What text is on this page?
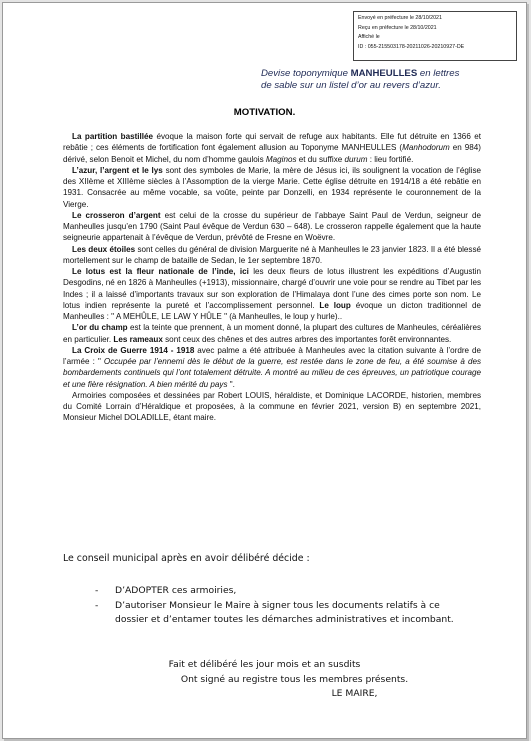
Envoyé en préfecture le 28/10/2021
Reçu en préfecture le 28/10/2021
Affiché le
ID : 055-215503178-20211026-20210927-DE
Devise toponymique MANHEULLES en lettres
de sable sur un listel d’or au revers d’azur.
MOTIVATION.

La partition bastillée évoque la maison forte qui servait de refuge aux habitants. Elle fut détruite en 1366 et rebâtie ; ces éléments de fortification font également allusion au Toponyme MANHEULLES (Manhodorum en 984) dérivé, selon Benoit et Michel, du nom d’homme gaulois Maginos et du suffixe durum : lieu fortifié.

L’azur, l’argent et le lys sont des symboles de Marie, la mère de Jésus ici, ils soulignent la vocation de l’église des XIIème et XIIIème siècles à l’Assomption de la vierge Marie. Cette église détruite en 1914/18 a été rebâtie en 1931. Consacrée au même vocable, sa voûte, peinte par Donzelli, en 1934 représente le couronnement de la Vierge.

Le crosseron d’argent est celui de la crosse du supérieur de l’abbaye Saint Paul de Verdun, seigneur de Manheulles jusqu’en 1790 (Saint Paul évêque de Verdun 630 – 648). Le crosseron rappelle également que la haute seigneurie appartenait à l’évêque de Verdun, prévôté de Fresne en Woëvre.

Les deux étoiles sont celles du général de division Marguerite né à Manheulles le 23 janvier 1823. Il a été blessé mortellement sur le champ de bataille de Sedan, le 1er septembre 1870.

Le lotus est la fleur nationale de l’inde, ici les deux fleurs de lotus illustrent les expéditions d’Augustin Desgodins, né en 1826 à Manheulles (+1913), missionnaire, chargé d’ouvrir une voie pour se rendre au Tibet par les Indes ; il a laissé d’importants travaux sur son exploration de l’Himalaya dont l’une des cimes porte son nom. Le lotus indien représente la pureté et l’accomplissement personnel. Le loup évoque un dicton traditionnel de Manheulles : " A MEHÛLE, LE LAW Y HÛLE " (à Manheulles, le loup y hurle)..

L’or du champ est la teinte que prennent, à un moment donné, la plupart des cultures de Manheules, céréalières en particulier. Les rameaux sont ceux des chênes et des autres arbres des importantes forêt environnantes.

La Croix de Guerre 1914 - 1918 avec palme a été attribuée à Manheules avec la citation suivante à l’ordre de l’armée : " Occupée par l’ennemi dès le début de la guerre, est restée dans le zone de feu, a été soumise à des bombardements continuels qui l’ont totalement détruite. A montré au milieu de ces épreuves, un patriotique courage et une fière résignation. A bien mérité du pays ".

Armoiries composées et dessinées par Robert LOUIS, héraldiste, et Dominique LACORDE, historien, membres du Comité Lorrain d’Héraldique et proposées, à la commune en février 2021, version B) en septembre 2021, Monsieur Michel DOLADILLE, étant maire.

Le conseil municipal après en avoir délibéré décide :
- D’ADOPTER ces armoiries,
- D’autoriser Monsieur le Maire à signer tous les documents relatifs à ce dossier et d’entamer toutes les démarches administratives et incombant.
Fait et délibéré les jour mois et an susdits
Ont signé au registre tous les membres présents.
LE MAIRE,
